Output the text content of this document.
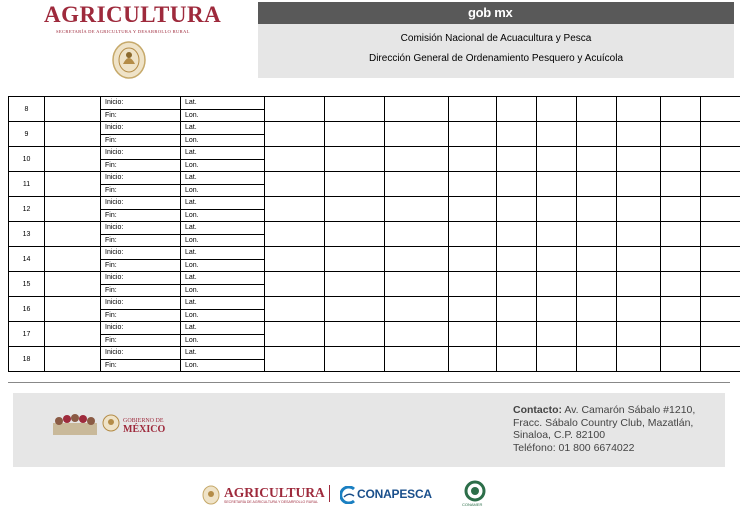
AGRICULTURA
SECRETARÍA DE AGRICULTURA Y DESARROLLO RURAL
gob mx
Comisión Nacional de Acuacultura y Pesca
Dirección General de Ordenamiento Pesquero y Acuícola
8		Inicio:	Lat.											
		Fin:	Lon.											
9		Inicio:	Lat.											
		Fin:	Lon.											
10		Inicio:	Lat.											
		Fin:	Lon.											
11		Inicio:	Lat.											
		Fin:	Lon.											
12		Inicio:	Lat.											
		Fin:	Lon.											
13		Inicio:	Lat.											
		Fin:	Lon.											
14		Inicio:	Lat.											
		Fin:	Lon.											
15		Inicio:	Lat.											
		Fin:	Lon.											
16		Inicio:	Lat.											
		Fin:	Lon.											
17		Inicio:	Lat.											
		Fin:	Lon.											
18		Inicio:	Lat.											
		Fin:	Lon.											
GOBIERNO DE
MÉXICO
Contacto: Av. Camarón Sábalo #1210, Fracc. Sábalo Country Club, Mazatlán, Sinaloa, C.P. 82100
Teléfono: 01 800 6674022
AGRICULTURA
SECRETARÍA DE AGRICULTURA Y DESARROLLO RURAL
CONAPESCA
CONAMER
